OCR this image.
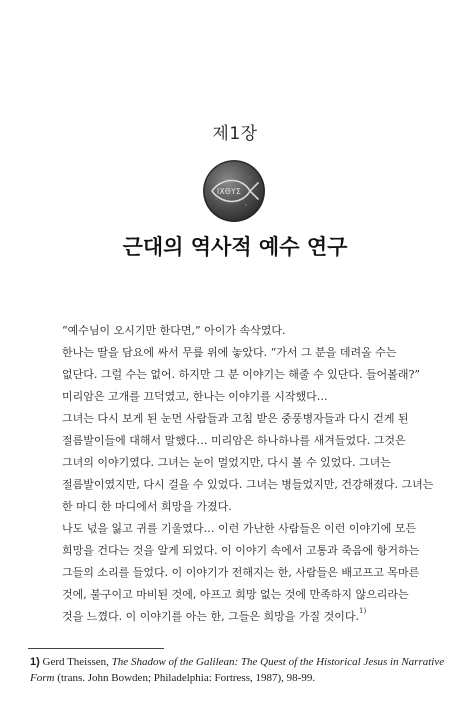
제1장
ΙΧΘΥΣ
근대의 역사적 예수 연구
“예수님이 오시기만 한다면,” 아이가 속삭였다.
한나는 딸을 담요에 싸서 무릎 위에 놓았다. “가서 그 분을 데려올 수는
없단다. 그럴 수는 없어. 하지만 그 분 이야기는 해줄 수 있단다. 들어볼래?”
미리암은 고개를 끄덕였고, 한나는 이야기를 시작했다…
그녀는 다시 보게 된 눈먼 사람들과 고침 받은 중풍병자들과 다시 걷게 된
절름발이들에 대해서 말했다… 미리암은 하나하나를 새겨들었다. 그것은
그녀의 이야기였다. 그녀는 눈이 멀었지만, 다시 볼 수 있었다. 그녀는
절름발이였지만, 다시 걸을 수 있었다. 그녀는 병들었지만, 건강해졌다. 그녀는
한 마디 한 마디에서 희망을 가졌다.
나도 넋을 잃고 귀를 기울였다… 이런 가난한 사람들은 이런 이야기에 모든
희망을 건다는 것을 알게 되었다. 이 이야기 속에서 고통과 죽음에 항거하는
그들의 소리를 들었다. 이 이야기가 전해지는 한, 사람들은 배고프고 목마른
것에, 불구이고 마비된 것에, 아프고 희망 없는 것에 만족하지 않으리라는
것을 느꼈다. 이 이야기를 아는 한, 그들은 희망을 가질 것이다.$^{1)}$
1) Gerd Theissen, The Shadow of the Galilean: The Quest of the Historical Jesus in Narrative
Form (trans. John Bowden; Philadelphia: Fortress, 1987), 98-99.
